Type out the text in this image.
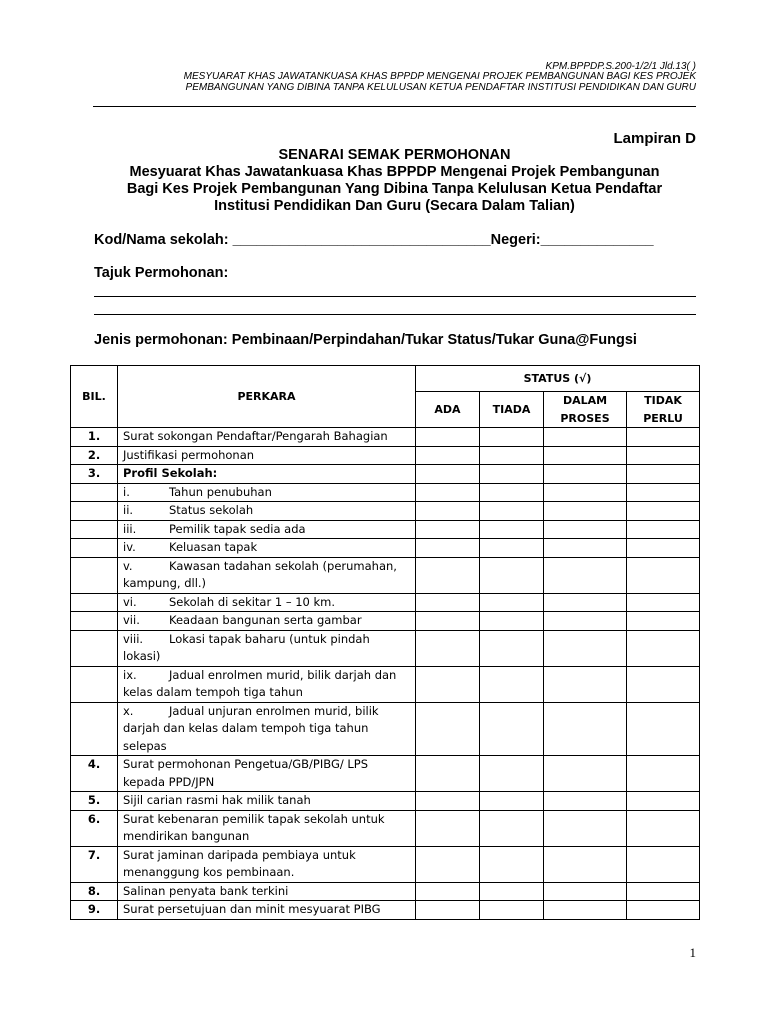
KPM.BPPDP.S.200-1/2/1 Jld.13( )
MESYUARAT KHAS JAWATANKUASA KHAS BPPDP MENGENAI PROJEK PEMBANGUNAN BAGI KES PROJEK
PEMBANGUNAN YANG DIBINA TANPA KELULUSAN KETUA PENDAFTAR INSTITUSI PENDIDIKAN DAN GURU
Lampiran D
SENARAI SEMAK PERMOHONAN
Mesyuarat Khas Jawatankuasa Khas BPPDP Mengenai Projek Pembangunan
Bagi Kes Projek Pembangunan Yang Dibina Tanpa Kelulusan Ketua Pendaftar
Institusi Pendidikan Dan Guru (Secara Dalam Talian)
Kod/Nama sekolah: ________________________________Negeri:______________
Tajuk Permohonan:
Jenis permohonan: Pembinaan/Perpindahan/Tukar Status/Tukar Guna@Fungsi
BIL.	PERKARA	STATUS (√)			
		ADA	TIADA	DALAM PROSES	TIDAK PERLU
1.	Surat sokongan Pendaftar/Pengarah Bahagian				
2.	Justifikasi permohonan				
3.	Profil Sekolah:				
	i. Tahun penubuhan				
	ii. Status sekolah				
	iii. Pemilik tapak sedia ada				
	iv. Keluasan tapak				
	v. Kawasan tadahan sekolah (perumahan, kampung, dll.)				
	vi. Sekolah di sekitar 1 – 10 km.				
	vii. Keadaan bangunan serta gambar				
	viii. Lokasi tapak baharu (untuk pindah lokasi)				
	ix. Jadual enrolmen murid, bilik darjah dan kelas dalam tempoh tiga tahun				
	x. Jadual unjuran enrolmen murid, bilik darjah dan kelas dalam tempoh tiga tahun selepas				
4.	Surat permohonan Pengetua/GB/PIBG/ LPS kepada PPD/JPN				
5.	Sijil carian rasmi hak milik tanah				
6.	Surat kebenaran pemilik tapak sekolah untuk mendirikan bangunan				
7.	Surat jaminan daripada pembiaya untuk menanggung kos pembinaan.				
8.	Salinan penyata bank terkini				
9.	Surat persetujuan dan minit mesyuarat PIBG				
1
